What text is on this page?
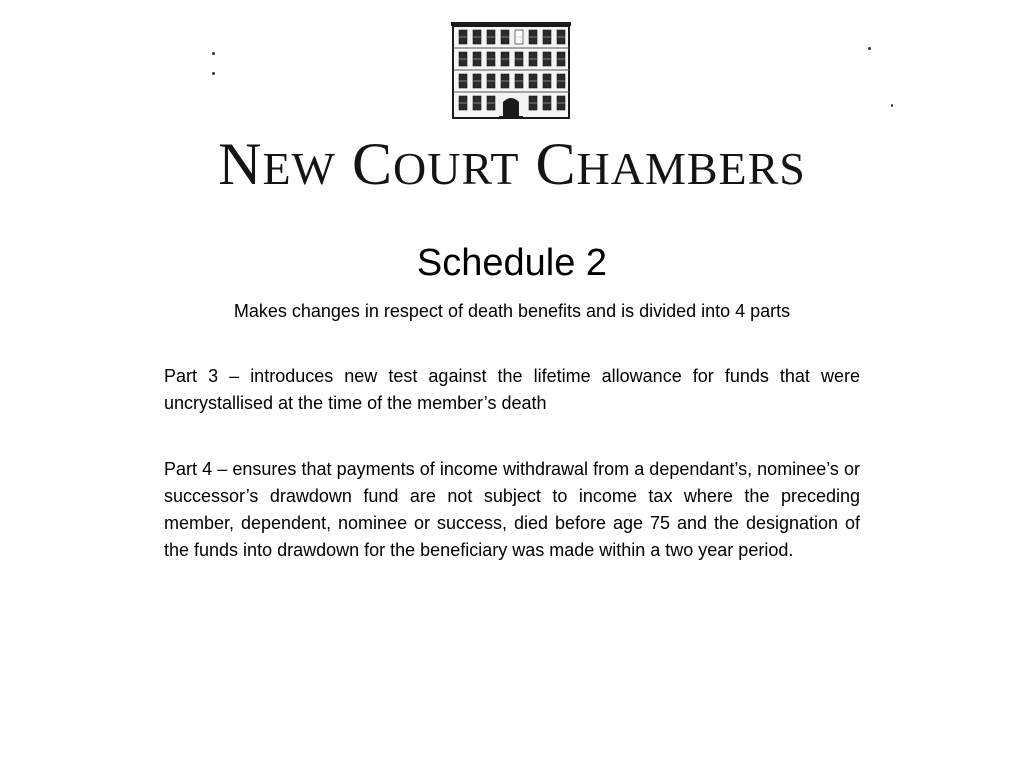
NEW COURT CHAMBERS
Schedule 2
Makes changes in respect of death benefits and is divided into 4 parts

Part 3 – introduces new test against the lifetime allowance for funds that were uncrystallised at the time of the member’s death

Part 4 – ensures that payments of income withdrawal from a dependant’s, nominee’s or successor’s drawdown fund are not subject to income tax where the preceding member, dependent, nominee or success, died before age 75 and the designation of the funds into drawdown for the beneficiary was made within a two year period.
